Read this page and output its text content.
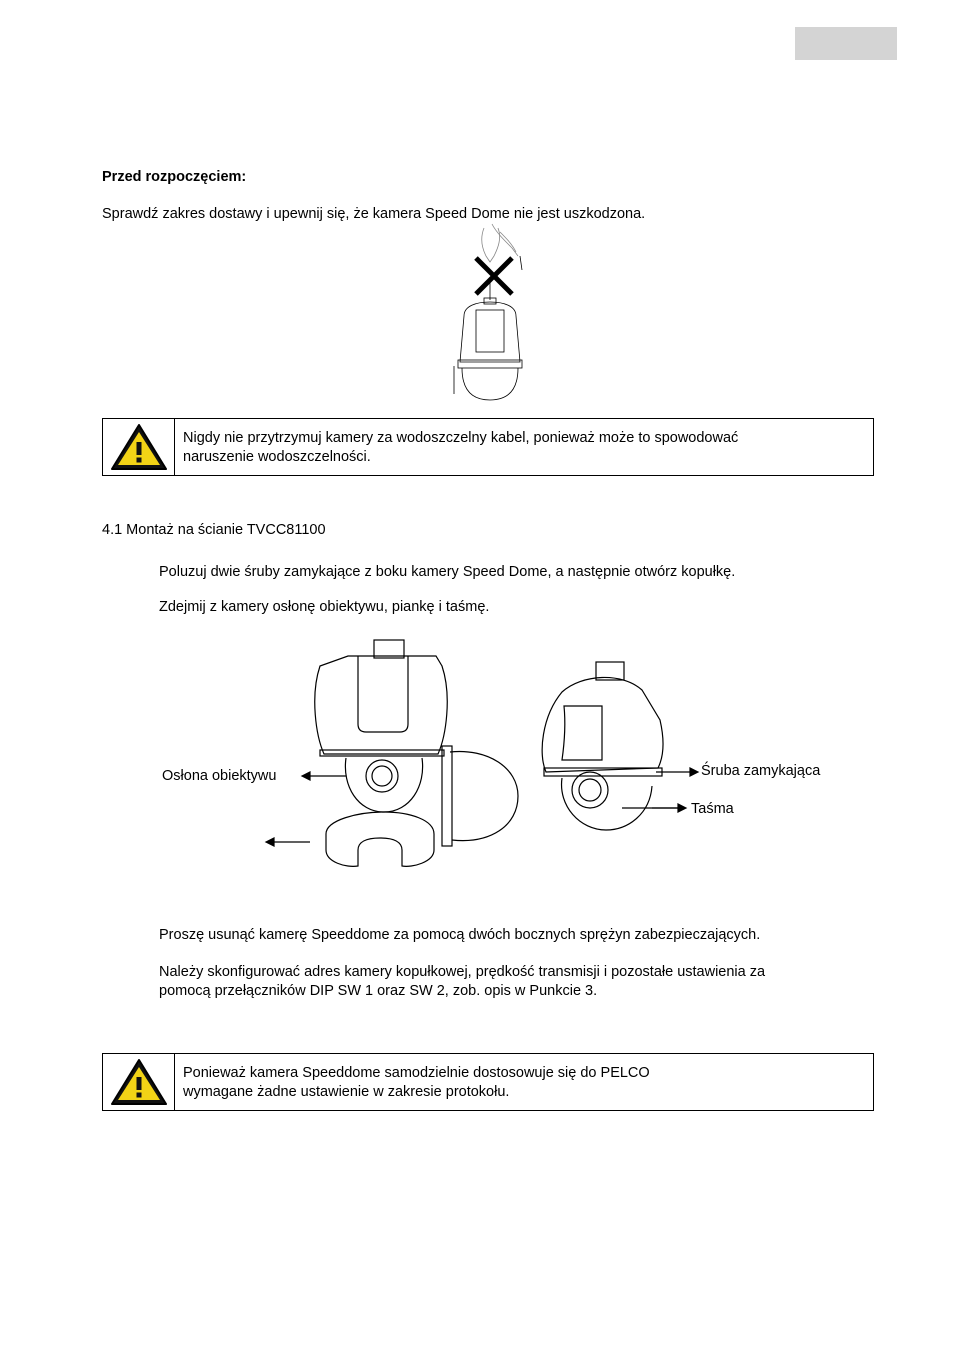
Przed rozpoczęciem:
Sprawdź zakres dostawy i upewnij się, że kamera Speed Dome nie jest uszkodzona.
Nigdy nie przytrzymuj kamery za wodoszczelny kabel, ponieważ może to spowodować
naruszenie wodoszczelności.
4.1 Montaż na ścianie TVCC81100
Poluzuj dwie śruby zamykające z boku kamery Speed Dome, a następnie otwórz kopułkę.
Zdejmij z kamery osłonę obiektywu, piankę i taśmę.
Osłona obiektywu	Śruba zamykająca
Taśma
Proszę usunąć kamerę Speeddome za pomocą dwóch bocznych sprężyn zabezpieczających.
Należy skonfigurować adres kamery kopułkowej, prędkość transmisji i pozostałe ustawienia za
pomocą przełączników DIP SW 1 oraz SW 2, zob. opis w Punkcie 3.
Ponieważ kamera Speeddome samodzielnie dostosowuje się do PELCO
wymagane żadne ustawienie w zakresie protokołu.
